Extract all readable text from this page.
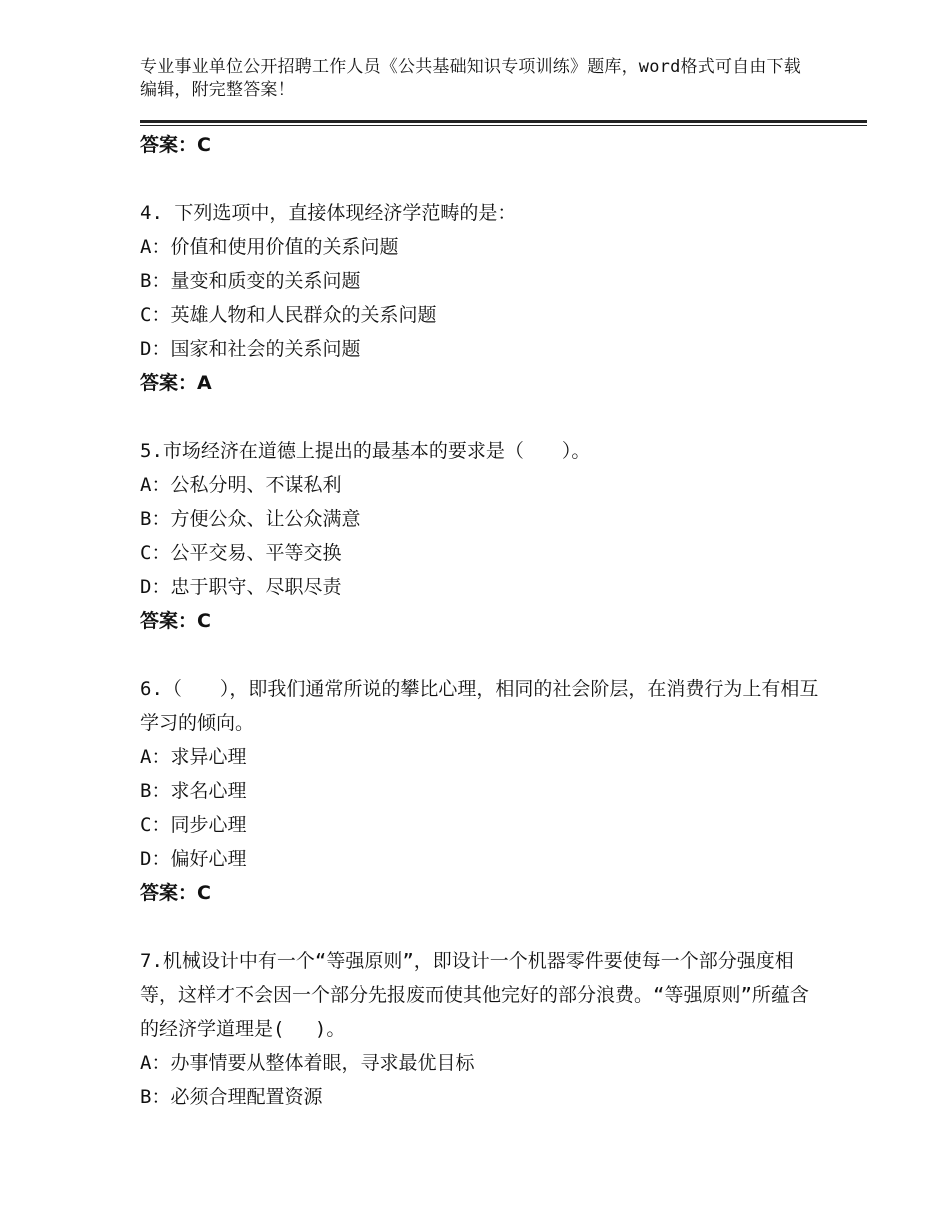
专业事业单位公开招聘工作人员《公共基础知识专项训练》题库，word格式可自由下载编辑，附完整答案！
答案：C
4. 下列选项中，直接体现经济学范畴的是：
A：价值和使用价值的关系问题
B：量变和质变的关系问题
C：英雄人物和人民群众的关系问题
D：国家和社会的关系问题
答案：A
5.市场经济在道德上提出的最基本的要求是（　　）。
A：公私分明、不谋私利
B：方便公众、让公众满意
C：公平交易、平等交换
D：忠于职守、尽职尽责
答案：C
6.（　　），即我们通常所说的攀比心理，相同的社会阶层，在消费行为上有相互学习的倾向。
A：求异心理
B：求名心理
C：同步心理
D：偏好心理
答案：C
7.机械设计中有一个“等强原则”，即设计一个机器零件要使每一个部分强度相等，这样才不会因一个部分先报废而使其他完好的部分浪费。“等强原则”所蕴含的经济学道理是(　 )。
A：办事情要从整体着眼，寻求最优目标
B：必须合理配置资源
